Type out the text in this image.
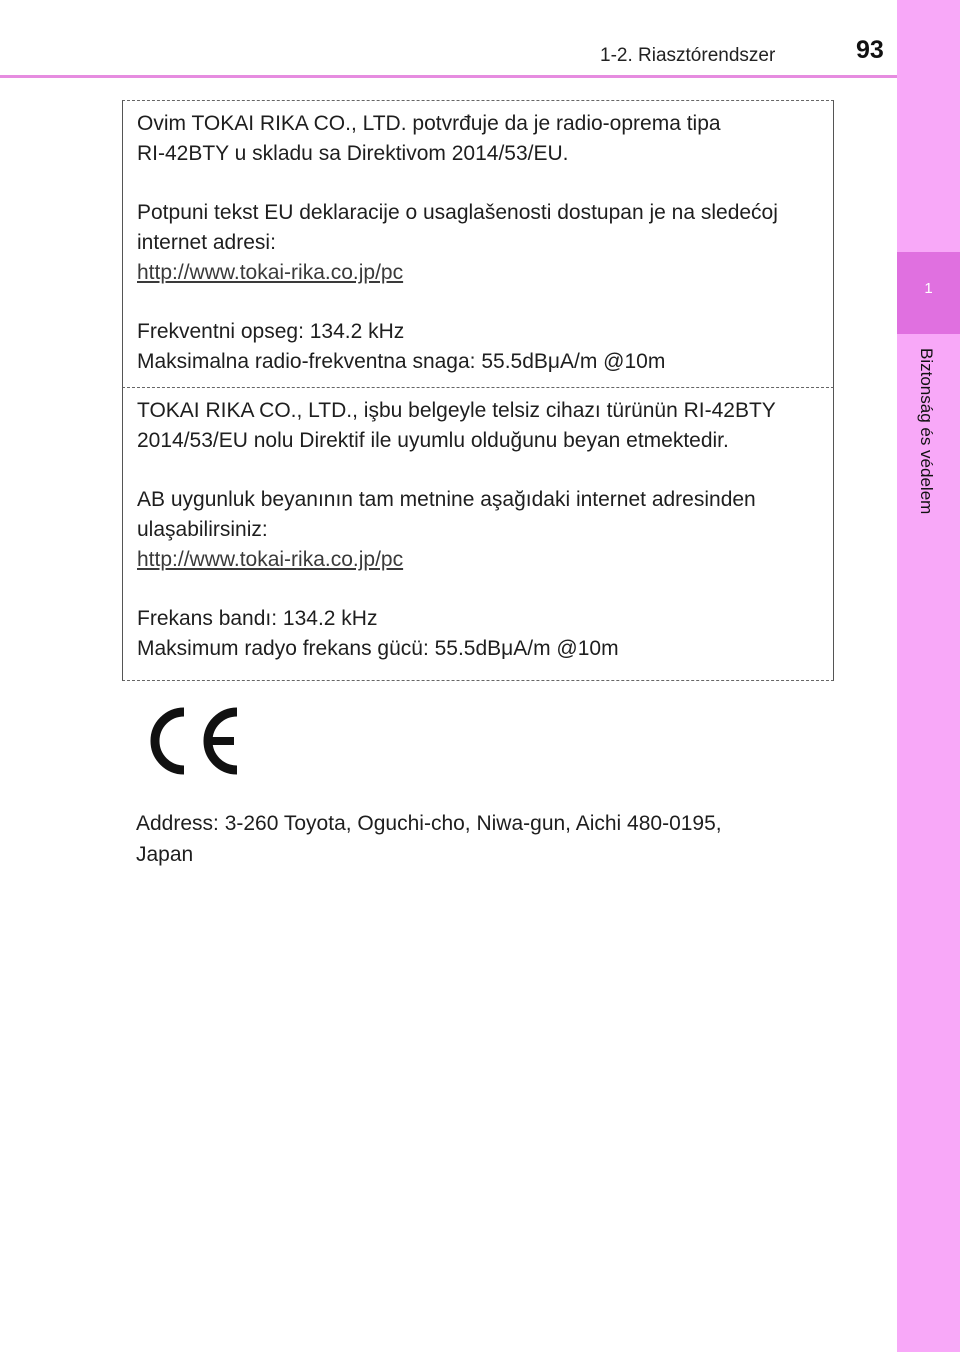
1-2. Riasztórendszer	93
1
Biztonság és védelem

Ovim TOKAI RIKA CO., LTD. potvrđuje da je radio-oprema tipa

RI-42BTY u skladu sa Direktivom 2014/53/EU.

Potpuni tekst EU deklaracije o usaglašenosti dostupan je na sledećoj

internet adresi:

http://www.tokai-rika.co.jp/pc

Frekventni opseg: 134.2 kHz

Maksimalna radio-frekventna snaga: 55.5dBμA/m @10m

TOKAI RIKA CO., LTD., işbu belgeyle telsiz cihazı türünün RI-42BTY

2014/53/EU nolu Direktif ile uyumlu olduğunu beyan etmektedir.

AB uygunluk beyanının tam metnine aşağıdaki internet adresinden

ulaşabilirsiniz:

http://www.tokai-rika.co.jp/pc

Frekans bandı: 134.2 kHz

Maksimum radyo frekans gücü: 55.5dBμA/m @10m

Address: 3-260 Toyota, Oguchi-cho, Niwa-gun, Aichi 480-0195,
Japan
